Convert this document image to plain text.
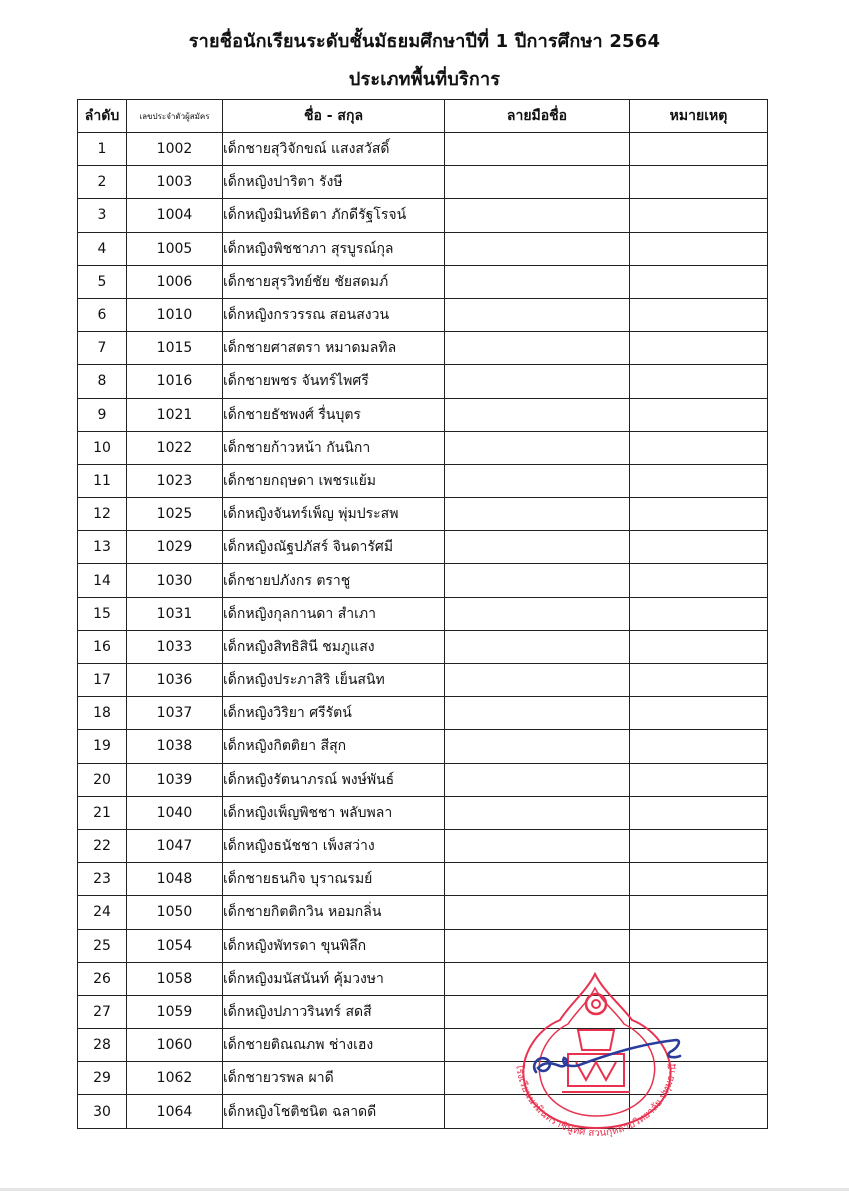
รายชื่อนักเรียนระดับชั้นมัธยมศึกษาปีที่ 1 ปีการศึกษา 2564
ประเภทพื้นที่บริการ
ลำดับ	เลขประจำตัวผู้สมัคร	ชื่อ - สกุล	ลายมือชื่อ	หมายเหตุ
1	1002	เด็กชายสุวิจักขณ์ แสงสวัสดิ์		
2	1003	เด็กหญิงปาริตา รังษี		
3	1004	เด็กหญิงมินท์ธิตา ภักดีรัฐโรจน์		
4	1005	เด็กหญิงพิชชาภา สุรบูรณ์กุล		
5	1006	เด็กชายสุรวิทย์ชัย ชัยสดมภ์		
6	1010	เด็กหญิงกรวรรณ สอนสงวน		
7	1015	เด็กชายศาสตรา หมาดมลทิล		
8	1016	เด็กชายพชร จันทร์ไพศรี		
9	1021	เด็กชายธัชพงศ์ รื่นบุตร		
10	1022	เด็กชายก้าวหน้า กันนิกา		
11	1023	เด็กชายกฤษดา เพชรแย้ม		
12	1025	เด็กหญิงจันทร์เพ็ญ พุ่มประสพ		
13	1029	เด็กหญิงณัฐปภัสร์ จินดารัศมี		
14	1030	เด็กชายปภังกร ตราชู		
15	1031	เด็กหญิงกุลกานดา สำเภา		
16	1033	เด็กหญิงสิทธิสินี ชมภูแสง		
17	1036	เด็กหญิงประภาสิริ เย็นสนิท		
18	1037	เด็กหญิงวิริยา ศรีรัตน์		
19	1038	เด็กหญิงกิตติยา สีสุก		
20	1039	เด็กหญิงรัตนาภรณ์ พงษ์พันธ์		
21	1040	เด็กหญิงเพ็ญพิชชา พลับพลา		
22	1047	เด็กหญิงธนัชชา เพ็งสว่าง		
23	1048	เด็กชายธนกิจ บุราณรมย์		
24	1050	เด็กชายกิตติกวิน หอมกลิ่น		
25	1054	เด็กหญิงพัทรดา ขุนพิลึก		
26	1058	เด็กหญิงมนัสนันท์ คุ้มวงษา		
27	1059	เด็กหญิงปภาวรินทร์ สดสี		
28	1060	เด็กชายติณณภพ ช่างเฮง		
29	1062	เด็กชายวรพล ผาดี		
30	1064	เด็กหญิงโชติชนิต ฉลาดดี		
โรงเรียนนวมินทราชินูทิศ สวนกุหลาบวิทยาลัย ปทุมธานี
